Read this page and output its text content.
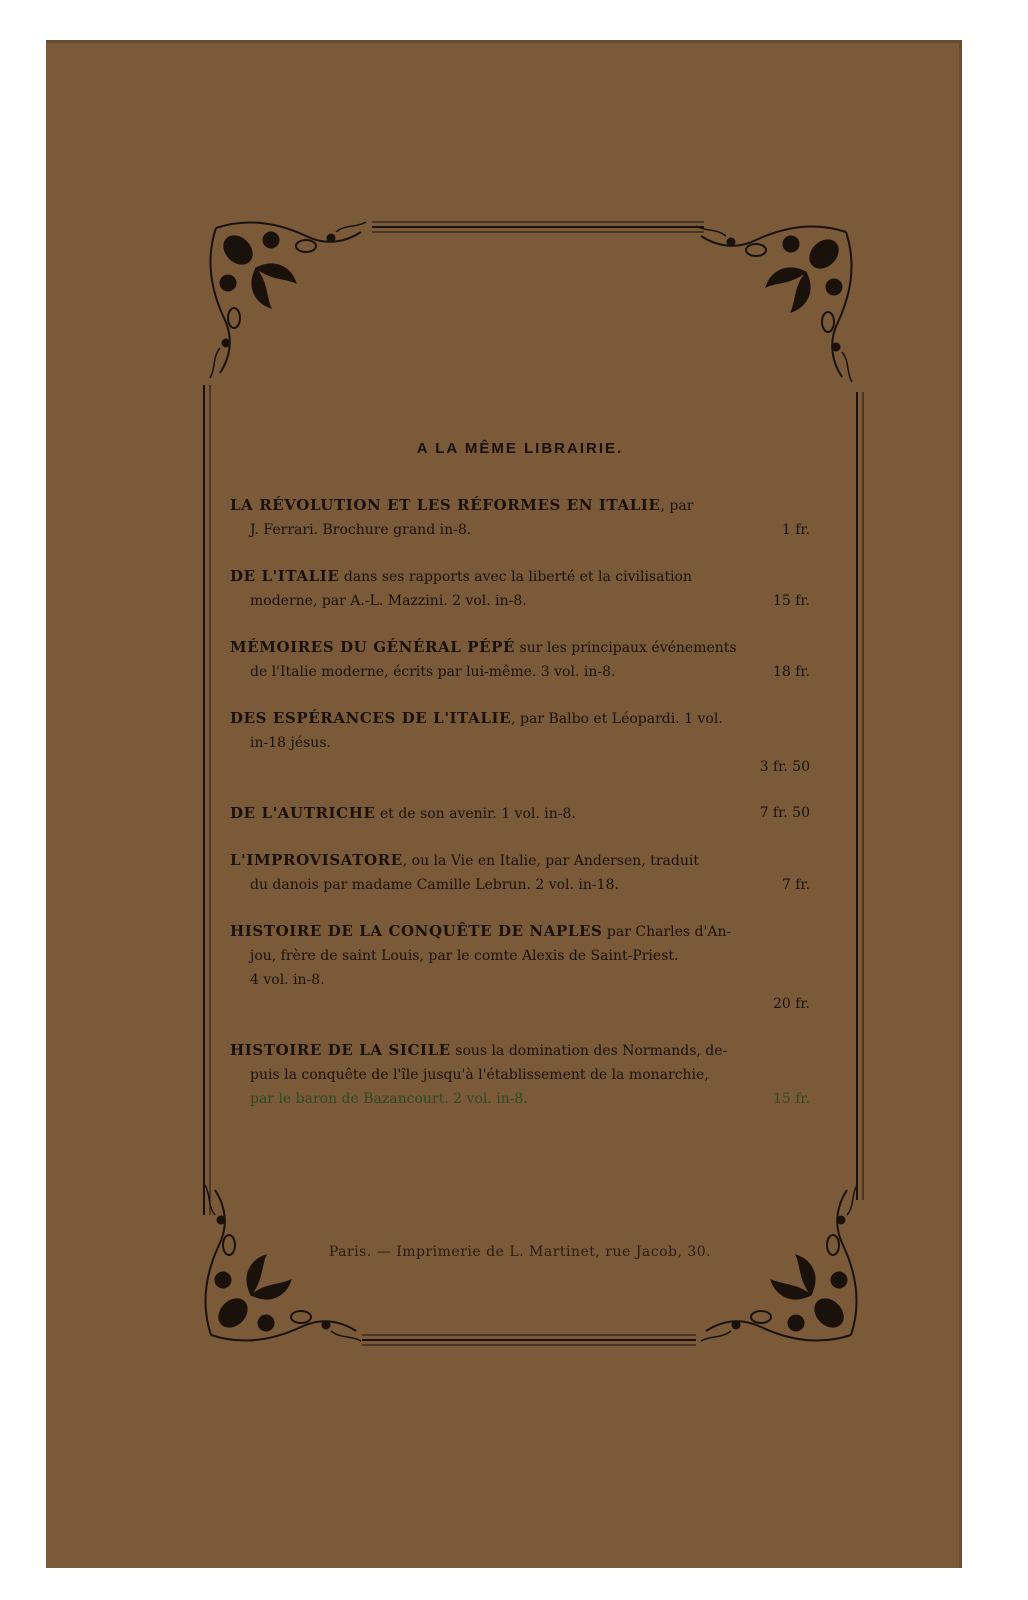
A LA MÊME LIBRAIRIE.
LA RÉVOLUTION ET LES RÉFORMES EN ITALIE, par
J. Ferrari. Brochure grand in-8.	1 fr.
DE L'ITALIE dans ses rapports avec la liberté et la civilisation
moderne, par A.-L. Mazzini. 2 vol. in-8.	15 fr.
MÉMOIRES DU GÉNÉRAL PÉPÉ sur les principaux événements
de l'Italie moderne, écrits par lui-même. 3 vol. in-8.	18 fr.
DES ESPÉRANCES DE L'ITALIE, par Balbo et Léopardi. 1 vol.
in-18 jésus.
3 fr. 50
DE L'AUTRICHE et de son avenir. 1 vol. in-8.	7 fr. 50
L'IMPROVISATORE, ou la Vie en Italie, par Andersen, traduit
du danois par madame Camille Lebrun. 2 vol. in-18.	7 fr.
HISTOIRE DE LA CONQUÊTE DE NAPLES par Charles d'An-
jou, frère de saint Louis, par le comte Alexis de Saint-Priest.
4 vol. in-8.
20 fr.
HISTOIRE DE LA SICILE sous la domination des Normands, de-
puis la conquête de l'île jusqu'à l'établissement de la monarchie,
par le baron de Bazancourt. 2 vol. in-8.	15 fr.
Paris. — Imprimerie de L. Martinet, rue Jacob, 30.
